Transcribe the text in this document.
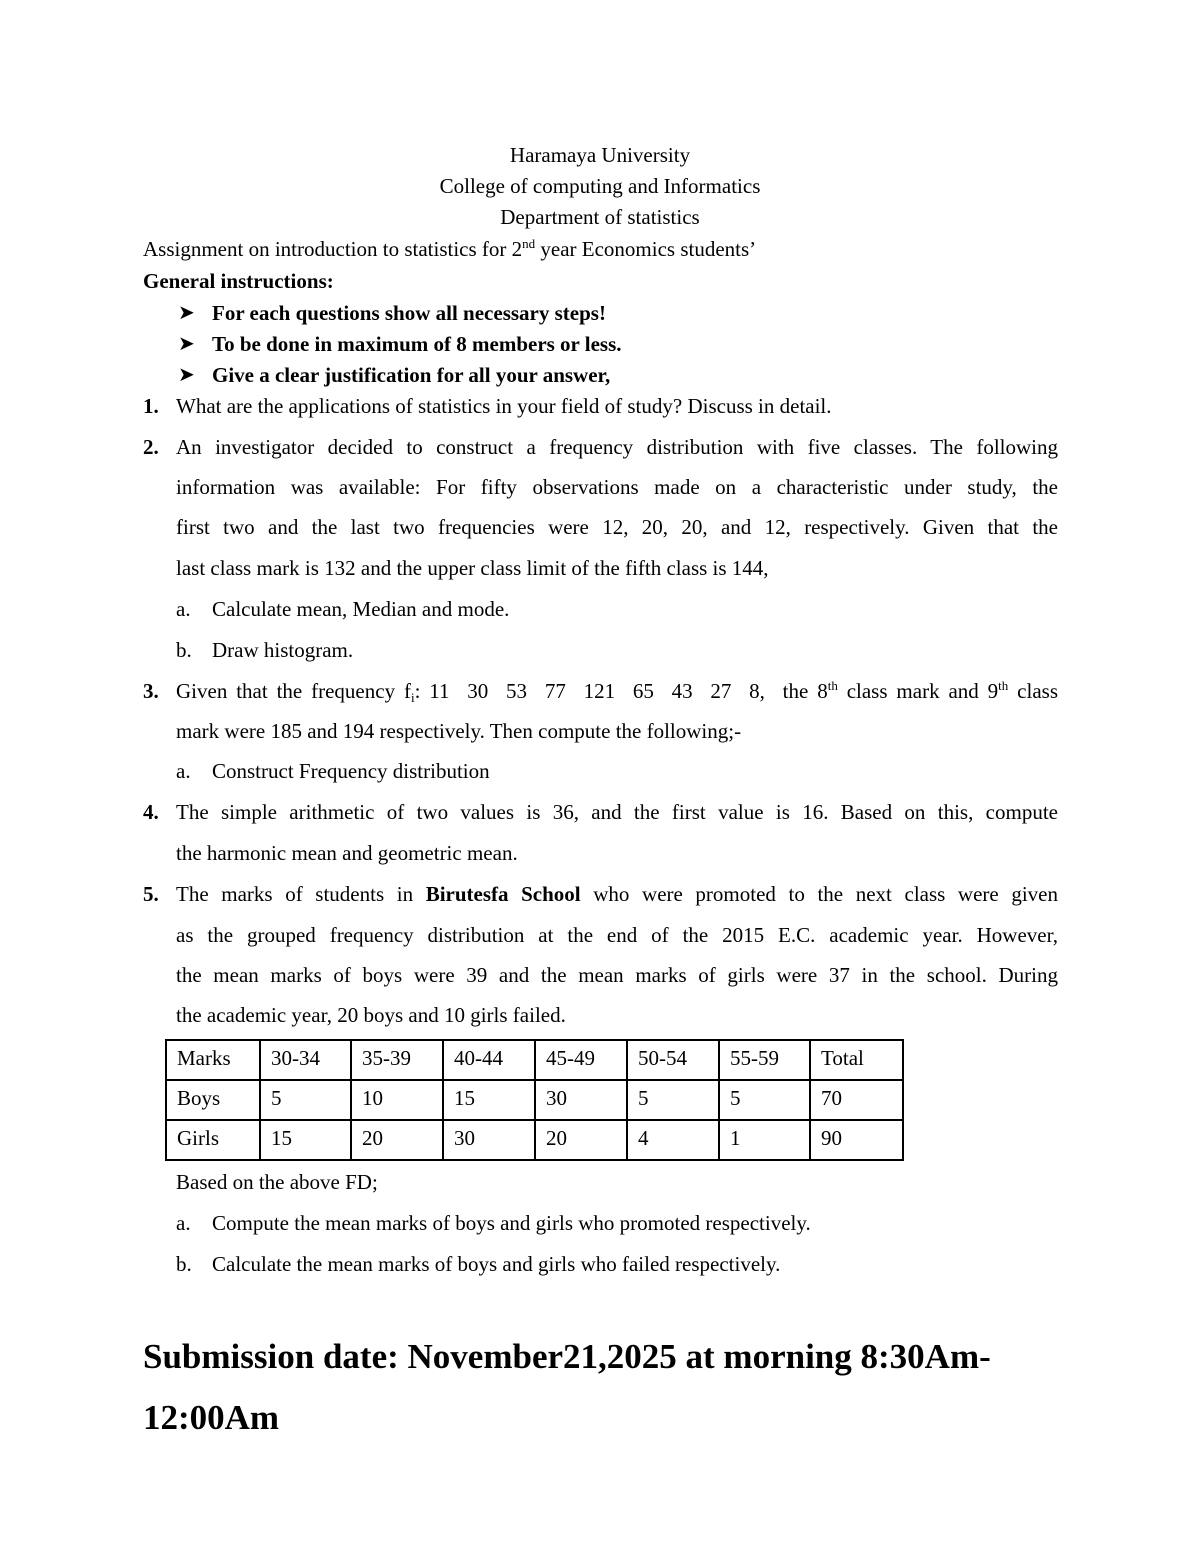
Haramaya University
College of computing and Informatics
Department of statistics
Assignment on introduction to statistics for 2nd year Economics students’
General instructions:
➤ For each questions show all necessary steps!
➤ To be done in maximum of 8 members or less.
➤ Give a clear justification for all your answer,
1. What are the applications of statistics in your field of study? Discuss in detail.
2. An investigator decided to construct a frequency distribution with five classes. The following
information was available: For fifty observations made on a characteristic under study, the
first two and the last two frequencies were 12, 20, 20, and 12, respectively. Given that the
last class mark is 132 and the upper class limit of the fifth class is 144,
a. Calculate mean, Median and mode.
b. Draw histogram.
3. Given that the frequency $f_i$: 11  30  53  77  121  65  43  27  8,  the 8th class mark and 9th class
mark were 185 and 194 respectively. Then compute the following;-
a. Construct Frequency distribution
4. The simple arithmetic of two values is 36, and the first value is 16. Based on this, compute
the harmonic mean and geometric mean.
5. The marks of students in Birutesfa School who were promoted to the next class were given
as the grouped frequency distribution at the end of the 2015 E.C. academic year. However,
the mean marks of boys were 39 and the mean marks of girls were 37 in the school. During
the academic year, 20 boys and 10 girls failed.
Marks	30-34	35-39	40-44	45-49	50-54	55-59	Total
Boys	5	10	15	30	5	5	70
Girls	15	20	30	20	4	1	90
Based on the above FD;
a. Compute the mean marks of boys and girls who promoted respectively.
b. Calculate the mean marks of boys and girls who failed respectively.
Submission date: November21,2025 at morning 8:30Am-
12:00Am
